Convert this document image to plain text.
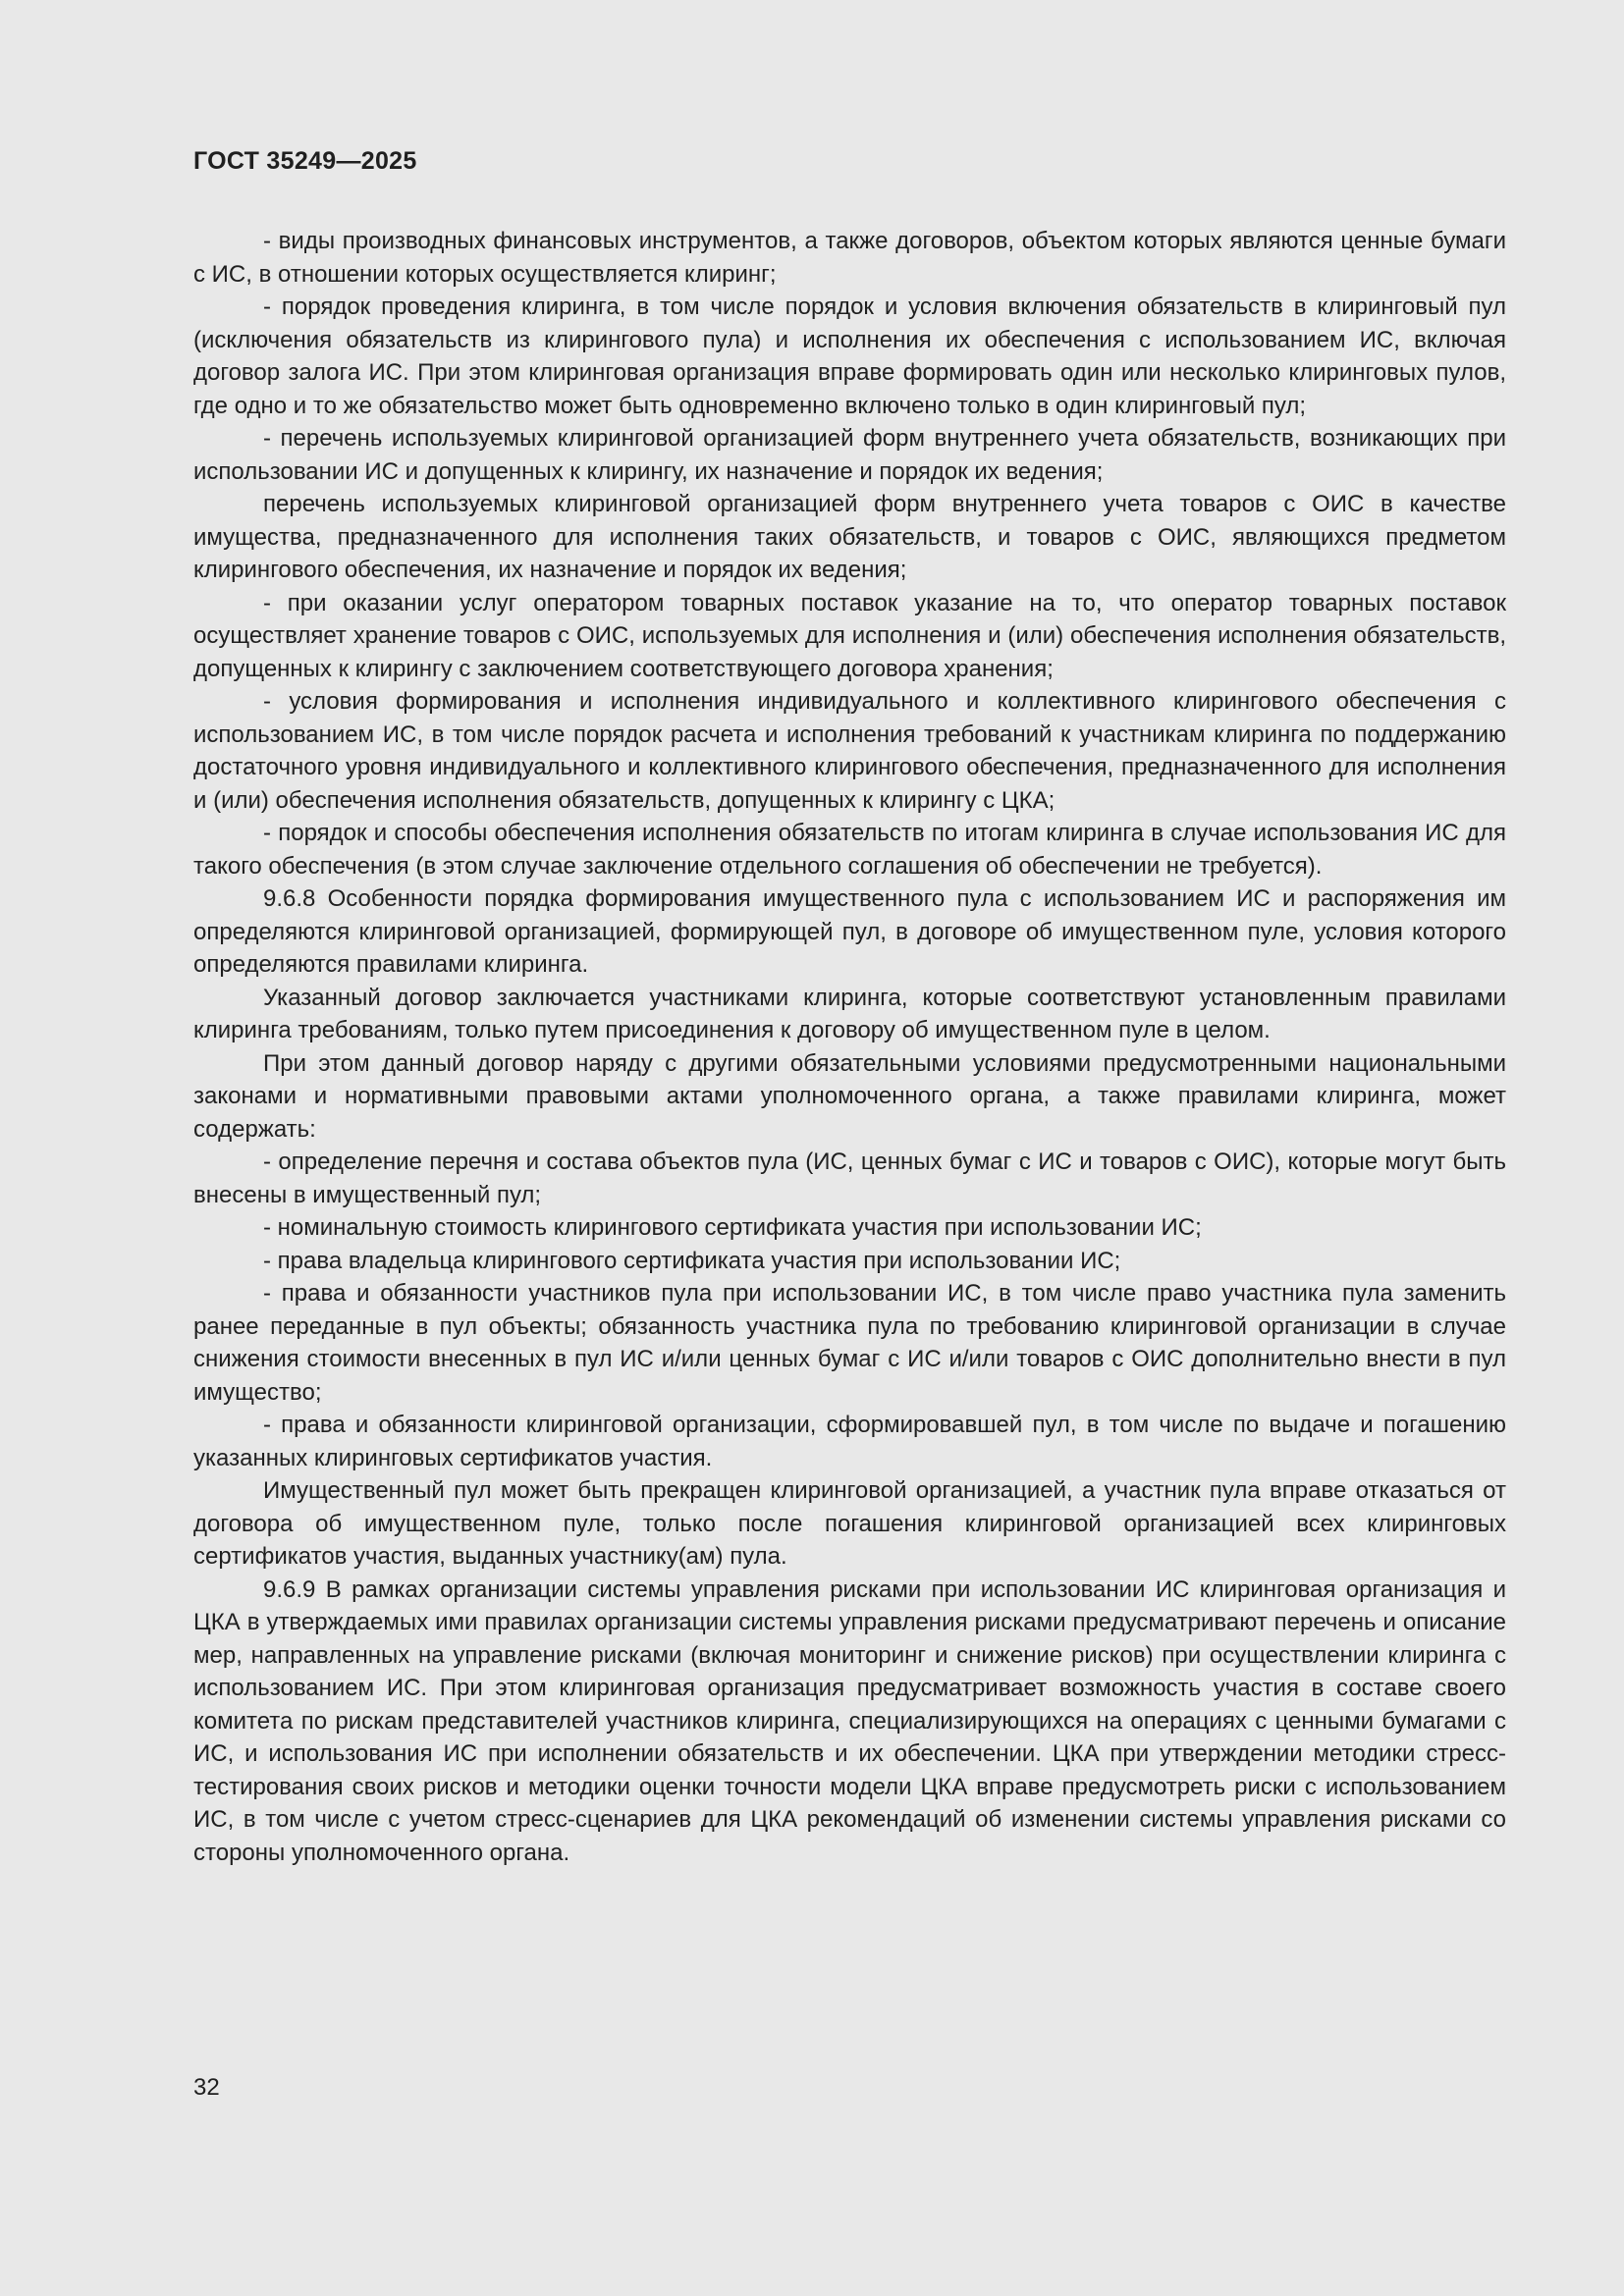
ГОСТ 35249—2025

- виды производных финансовых инструментов, а также договоров, объектом которых являются ценные бумаги с ИС, в отношении которых осуществляется клиринг;

- порядок проведения клиринга, в том числе порядок и условия включения обязательств в клиринговый пул (исключения обязательств из клирингового пула) и исполнения их обеспечения с использованием ИС, включая договор залога ИС. При этом клиринговая организация вправе формировать один или несколько клиринговых пулов, где одно и то же обязательство может быть одновременно включено только в один клиринговый пул;

- перечень используемых клиринговой организацией форм внутреннего учета обязательств, возникающих при использовании ИС и допущенных к клирингу, их назначение и порядок их ведения;

перечень используемых клиринговой организацией форм внутреннего учета товаров с ОИС в качестве имущества, предназначенного для исполнения таких обязательств, и товаров с ОИС, являющихся предметом клирингового обеспечения, их назначение и порядок их ведения;

- при оказании услуг оператором товарных поставок указание на то, что оператор товарных поставок осуществляет хранение товаров с ОИС, используемых для исполнения и (или) обеспечения исполнения обязательств, допущенных к клирингу с заключением соответствующего договора хранения;

- условия формирования и исполнения индивидуального и коллективного клирингового обеспечения с использованием ИС, в том числе порядок расчета и исполнения требований к участникам клиринга по поддержанию достаточного уровня индивидуального и коллективного клирингового обеспечения, предназначенного для исполнения и (или) обеспечения исполнения обязательств, допущенных к клирингу с ЦКА;

- порядок и способы обеспечения исполнения обязательств по итогам клиринга в случае использования ИС для такого обеспечения (в этом случае заключение отдельного соглашения об обеспечении не требуется).

9.6.8 Особенности порядка формирования имущественного пула с использованием ИС и распоряжения им определяются клиринговой организацией, формирующей пул, в договоре об имущественном пуле, условия которого определяются правилами клиринга.

Указанный договор заключается участниками клиринга, которые соответствуют установленным правилами клиринга требованиям, только путем присоединения к договору об имущественном пуле в целом.

При этом данный договор наряду с другими обязательными условиями предусмотренными национальными законами и нормативными правовыми актами уполномоченного органа, а также правилами клиринга, может содержать:

- определение перечня и состава объектов пула (ИС, ценных бумаг с ИС и товаров с ОИС), которые могут быть внесены в имущественный пул;

- номинальную стоимость клирингового сертификата участия при использовании ИС;

- права владельца клирингового сертификата участия при использовании ИС;

- права и обязанности участников пула при использовании ИС, в том числе право участника пула заменить ранее переданные в пул объекты; обязанность участника пула по требованию клиринговой организации в случае снижения стоимости внесенных в пул ИС и/или ценных бумаг с ИС и/или товаров с ОИС дополнительно внести в пул имущество;

- права и обязанности клиринговой организации, сформировавшей пул, в том числе по выдаче и погашению указанных клиринговых сертификатов участия.

Имущественный пул может быть прекращен клиринговой организацией, а участник пула вправе отказаться от договора об имущественном пуле, только после погашения клиринговой организацией всех клиринговых сертификатов участия, выданных участнику(ам) пула.

9.6.9 В рамках организации системы управления рисками при использовании ИС клиринговая организация и ЦКА в утверждаемых ими правилах организации системы управления рисками предусматривают перечень и описание мер, направленных на управление рисками (включая мониторинг и снижение рисков) при осуществлении клиринга с использованием ИС. При этом клиринговая организация предусматривает возможность участия в составе своего комитета по рискам представителей участников клиринга, специализирующихся на операциях с ценными бумагами с ИС, и использования ИС при исполнении обязательств и их обеспечении. ЦКА при утверждении методики стресс-тестирования своих рисков и методики оценки точности модели ЦКА вправе предусмотреть риски с использованием ИС, в том числе с учетом стресс-сценариев для ЦКА рекомендаций об изменении системы управления рисками со стороны уполномоченного органа.

32
